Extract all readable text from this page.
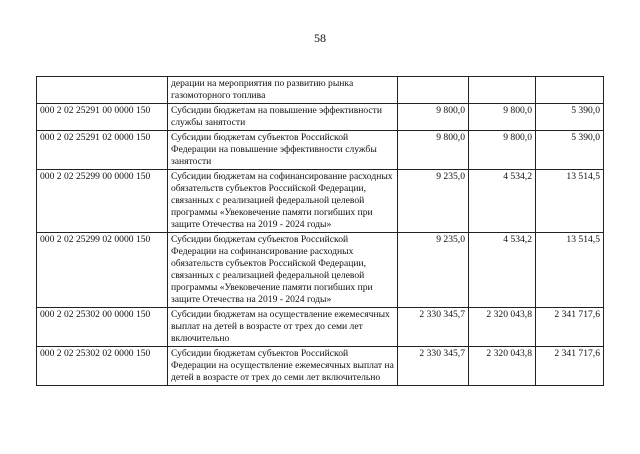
58
	дерации на мероприятия по развитию рынка газомоторного топлива			
000 2 02 25291 00 0000 150	Субсидии бюджетам на повышение эффективности службы занятости	9 800,0	9 800,0	5 390,0
000 2 02 25291 02 0000 150	Субсидии бюджетам субъектов Российской Федерации на повышение эффективности службы занятости	9 800,0	9 800,0	5 390,0
000 2 02 25299 00 0000 150	Субсидии бюджетам на софинансирование расходных обязательств субъектов Российской Федерации, связанных с реализацией федеральной целевой программы «Увековечение памяти погибших при защите Отечества на 2019 - 2024 годы»	9 235,0	4 534,2	13 514,5
000 2 02 25299 02 0000 150	Субсидии бюджетам субъектов Российской Федерации на софинансирование расходных обязательств субъектов Российской Федерации, связанных с реализацией федеральной целевой программы «Увековечение памяти погибших при защите Отечества на 2019 - 2024 годы»	9 235,0	4 534,2	13 514,5
000 2 02 25302 00 0000 150	Субсидии бюджетам на осуществление ежемесячных выплат на детей в возрасте от трех до семи лет включительно	2 330 345,7	2 320 043,8	2 341 717,6
000 2 02 25302 02 0000 150	Субсидии бюджетам субъектов Российской Федерации на осуществление ежемесячных выплат на детей в возрасте от трех до семи лет включительно	2 330 345,7	2 320 043,8	2 341 717,6
